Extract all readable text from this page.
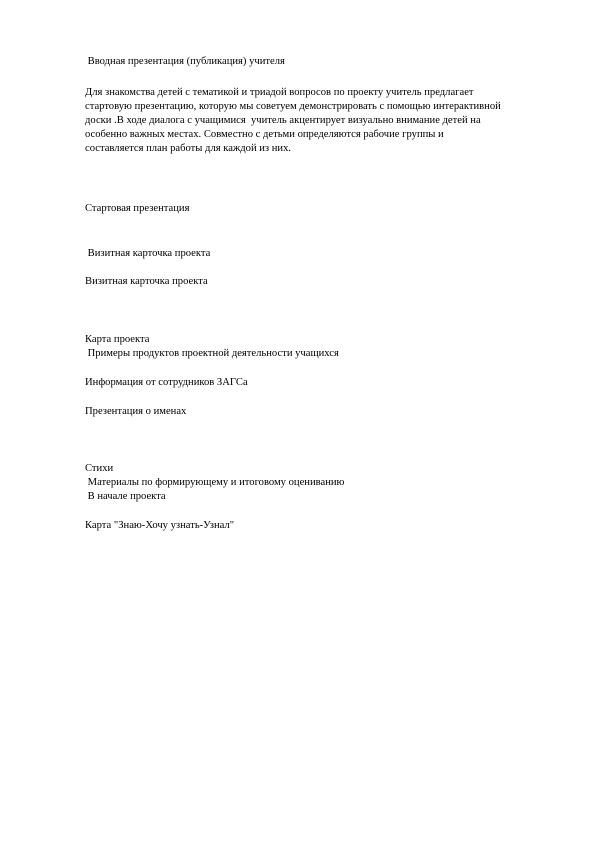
Вводная презентация (публикация) учителя
Для знакомства детей с тематикой и триадой вопросов по проекту учитель предлагает
стартовую презентацию, которую мы советуем демонстрировать с помощью интерактивной
доски .В ходе диалога с учащимися  учитель акцентирует визуально внимание детей на
особенно важных местах. Совместно с детьми определяются рабочие группы и
составляется план работы для каждой из них.
Стартовая презентация
Визитная карточка проекта
Визитная карточка проекта
Карта проекта
Примеры продуктов проектной деятельности учащихся
Информация от сотрудников ЗАГСа
Презентация о именах
Стихи
Материалы по формирующему и итоговому оцениванию
В начале проекта
Карта "Знаю-Хочу узнать-Узнал"
